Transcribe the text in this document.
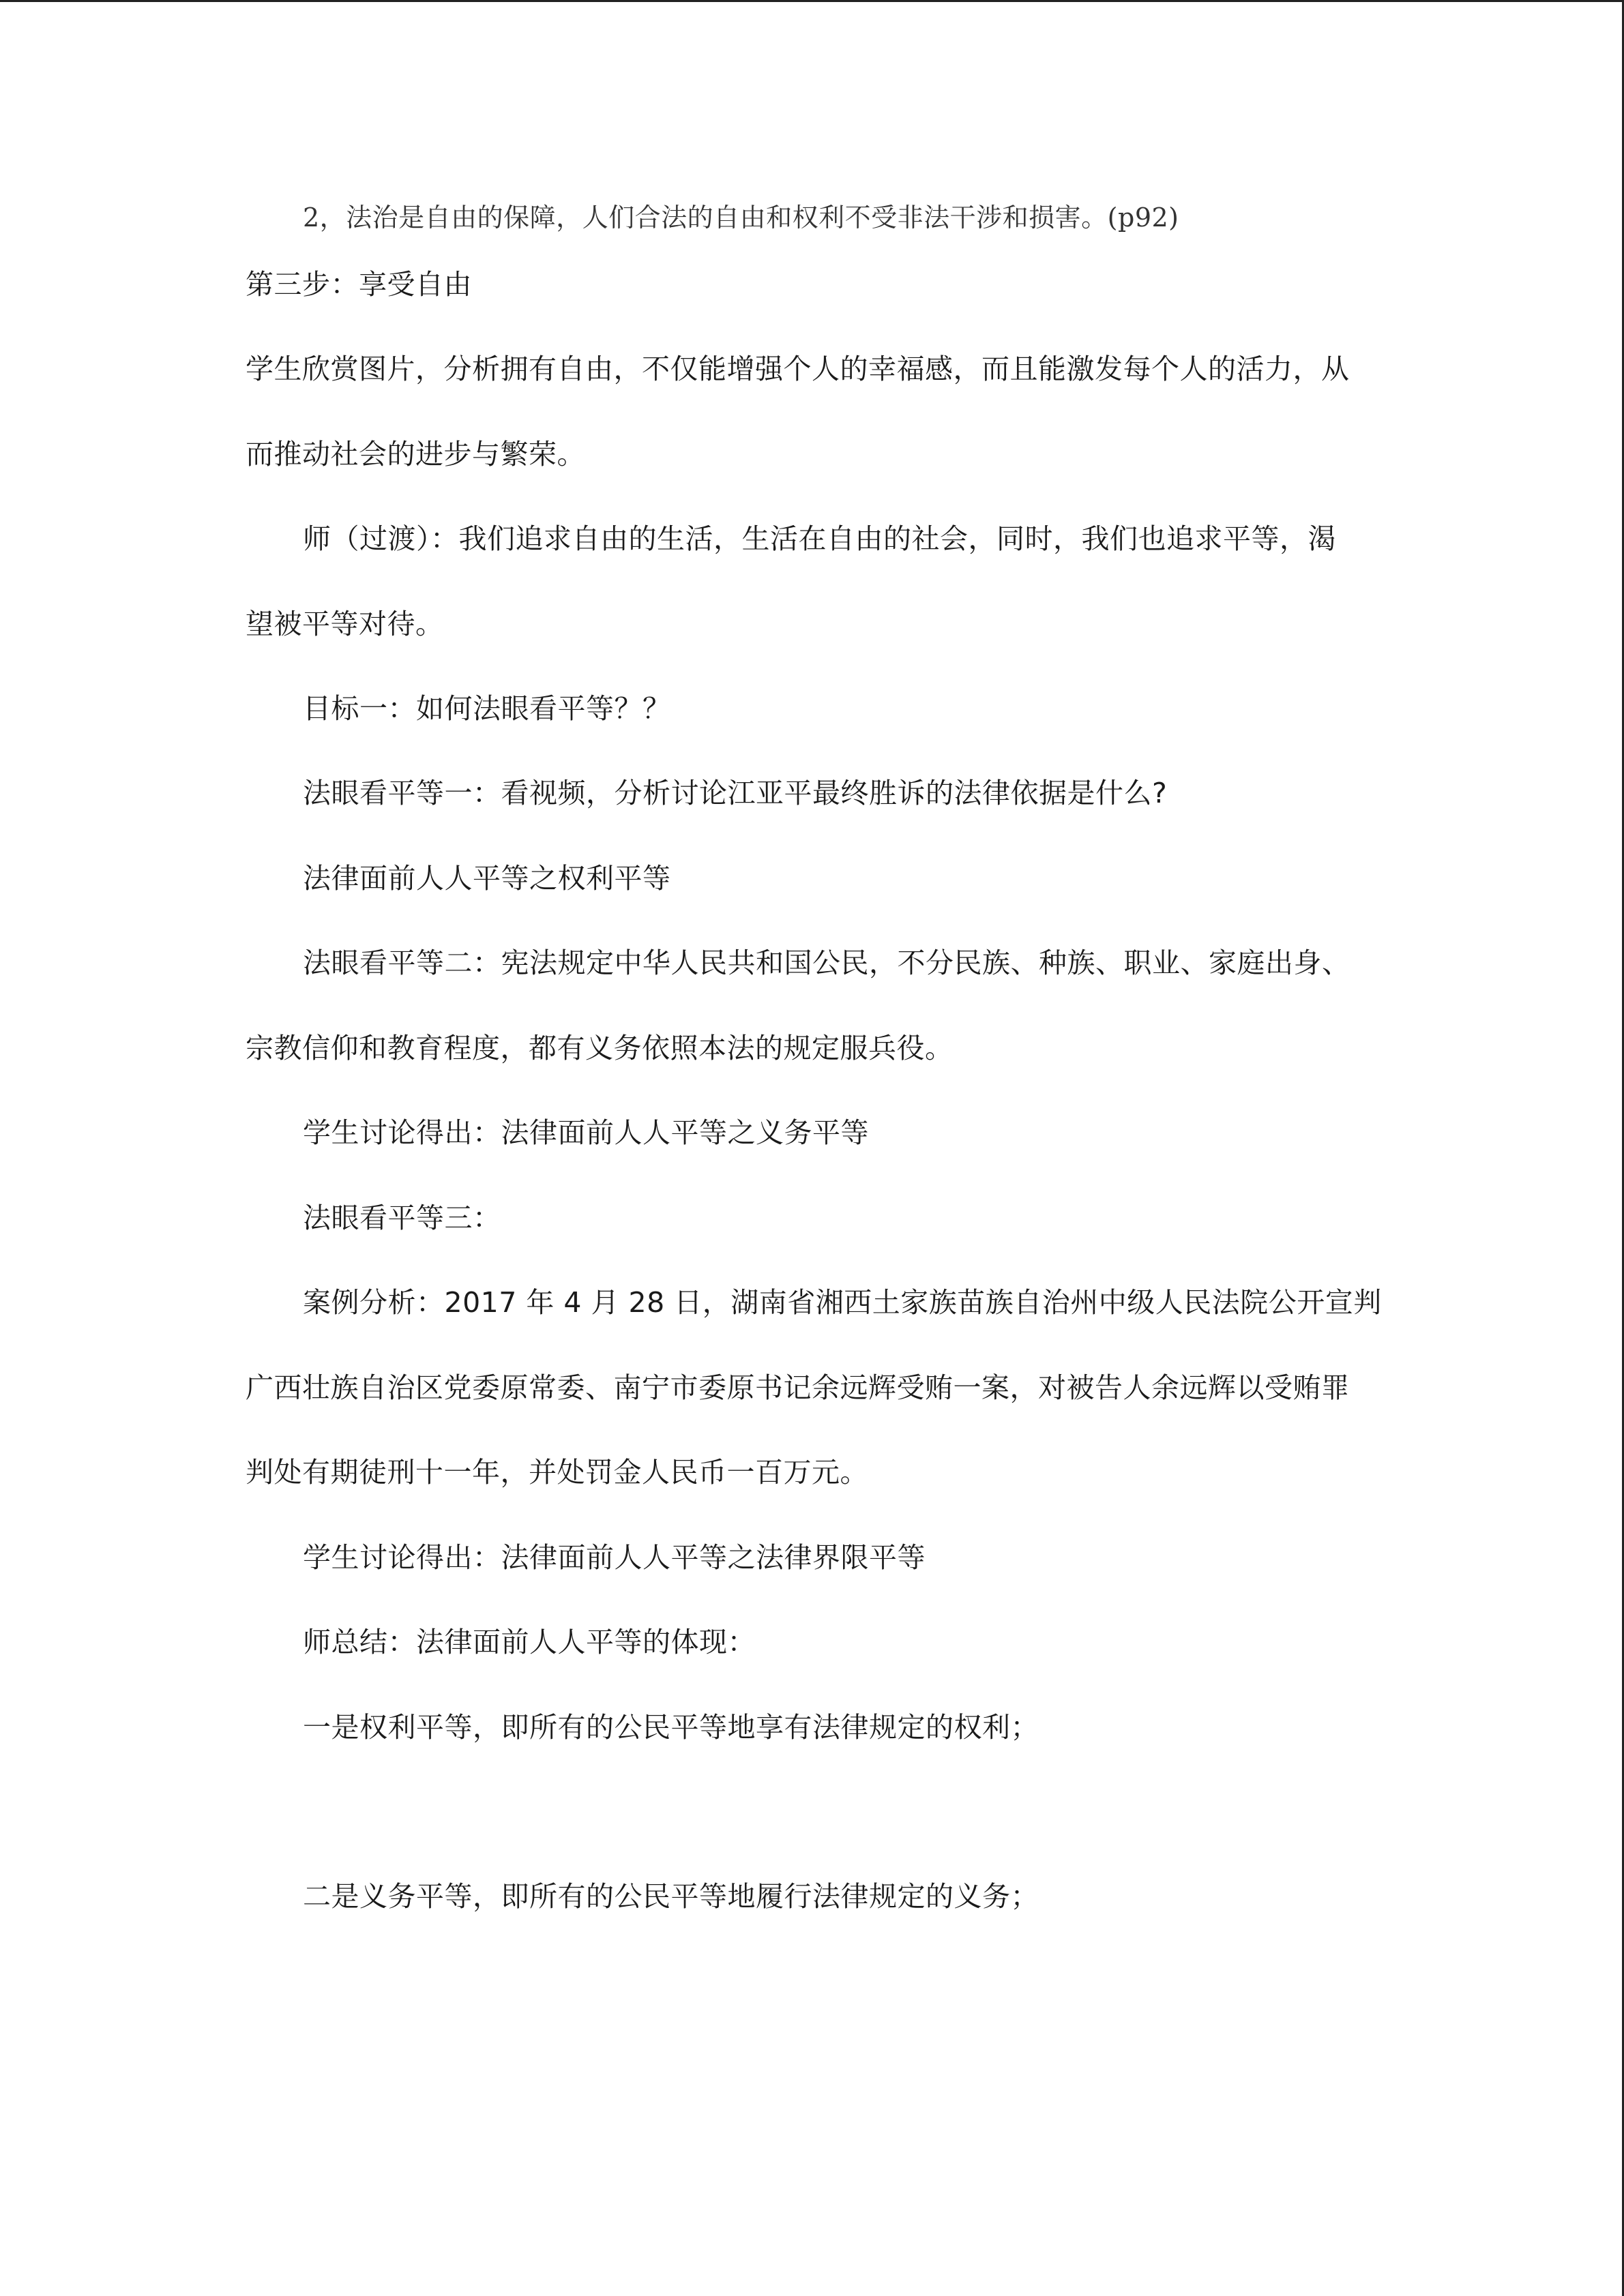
2，法治是自由的保障，人们合法的自由和权利不受非法干涉和损害。(p92)
第三步：享受自由
学生欣赏图片，分析拥有自由，不仅能增强个人的幸福感，而且能激发每个人的活力，从
而推动社会的进步与繁荣。
师（过渡）：我们追求自由的生活，生活在自由的社会，同时，我们也追求平等，渴
望被平等对待。
目标一：如何法眼看平等？？
法眼看平等一：看视频，分析讨论江亚平最终胜诉的法律依据是什么?
法律面前人人平等之权利平等
法眼看平等二：宪法规定中华人民共和国公民，不分民族、种族、职业、家庭出身、
宗教信仰和教育程度，都有义务依照本法的规定服兵役。
学生讨论得出：法律面前人人平等之义务平等
法眼看平等三：
案例分析：2017 年 4 月 28 日，湖南省湘西土家族苗族自治州中级人民法院公开宣判
广西壮族自治区党委原常委、南宁市委原书记余远辉受贿一案，对被告人余远辉以受贿罪
判处有期徒刑十一年，并处罚金人民币一百万元。
学生讨论得出：法律面前人人平等之法律界限平等
师总结：法律面前人人平等的体现：
一是权利平等，即所有的公民平等地享有法律规定的权利；
二是义务平等，即所有的公民平等地履行法律规定的义务；
